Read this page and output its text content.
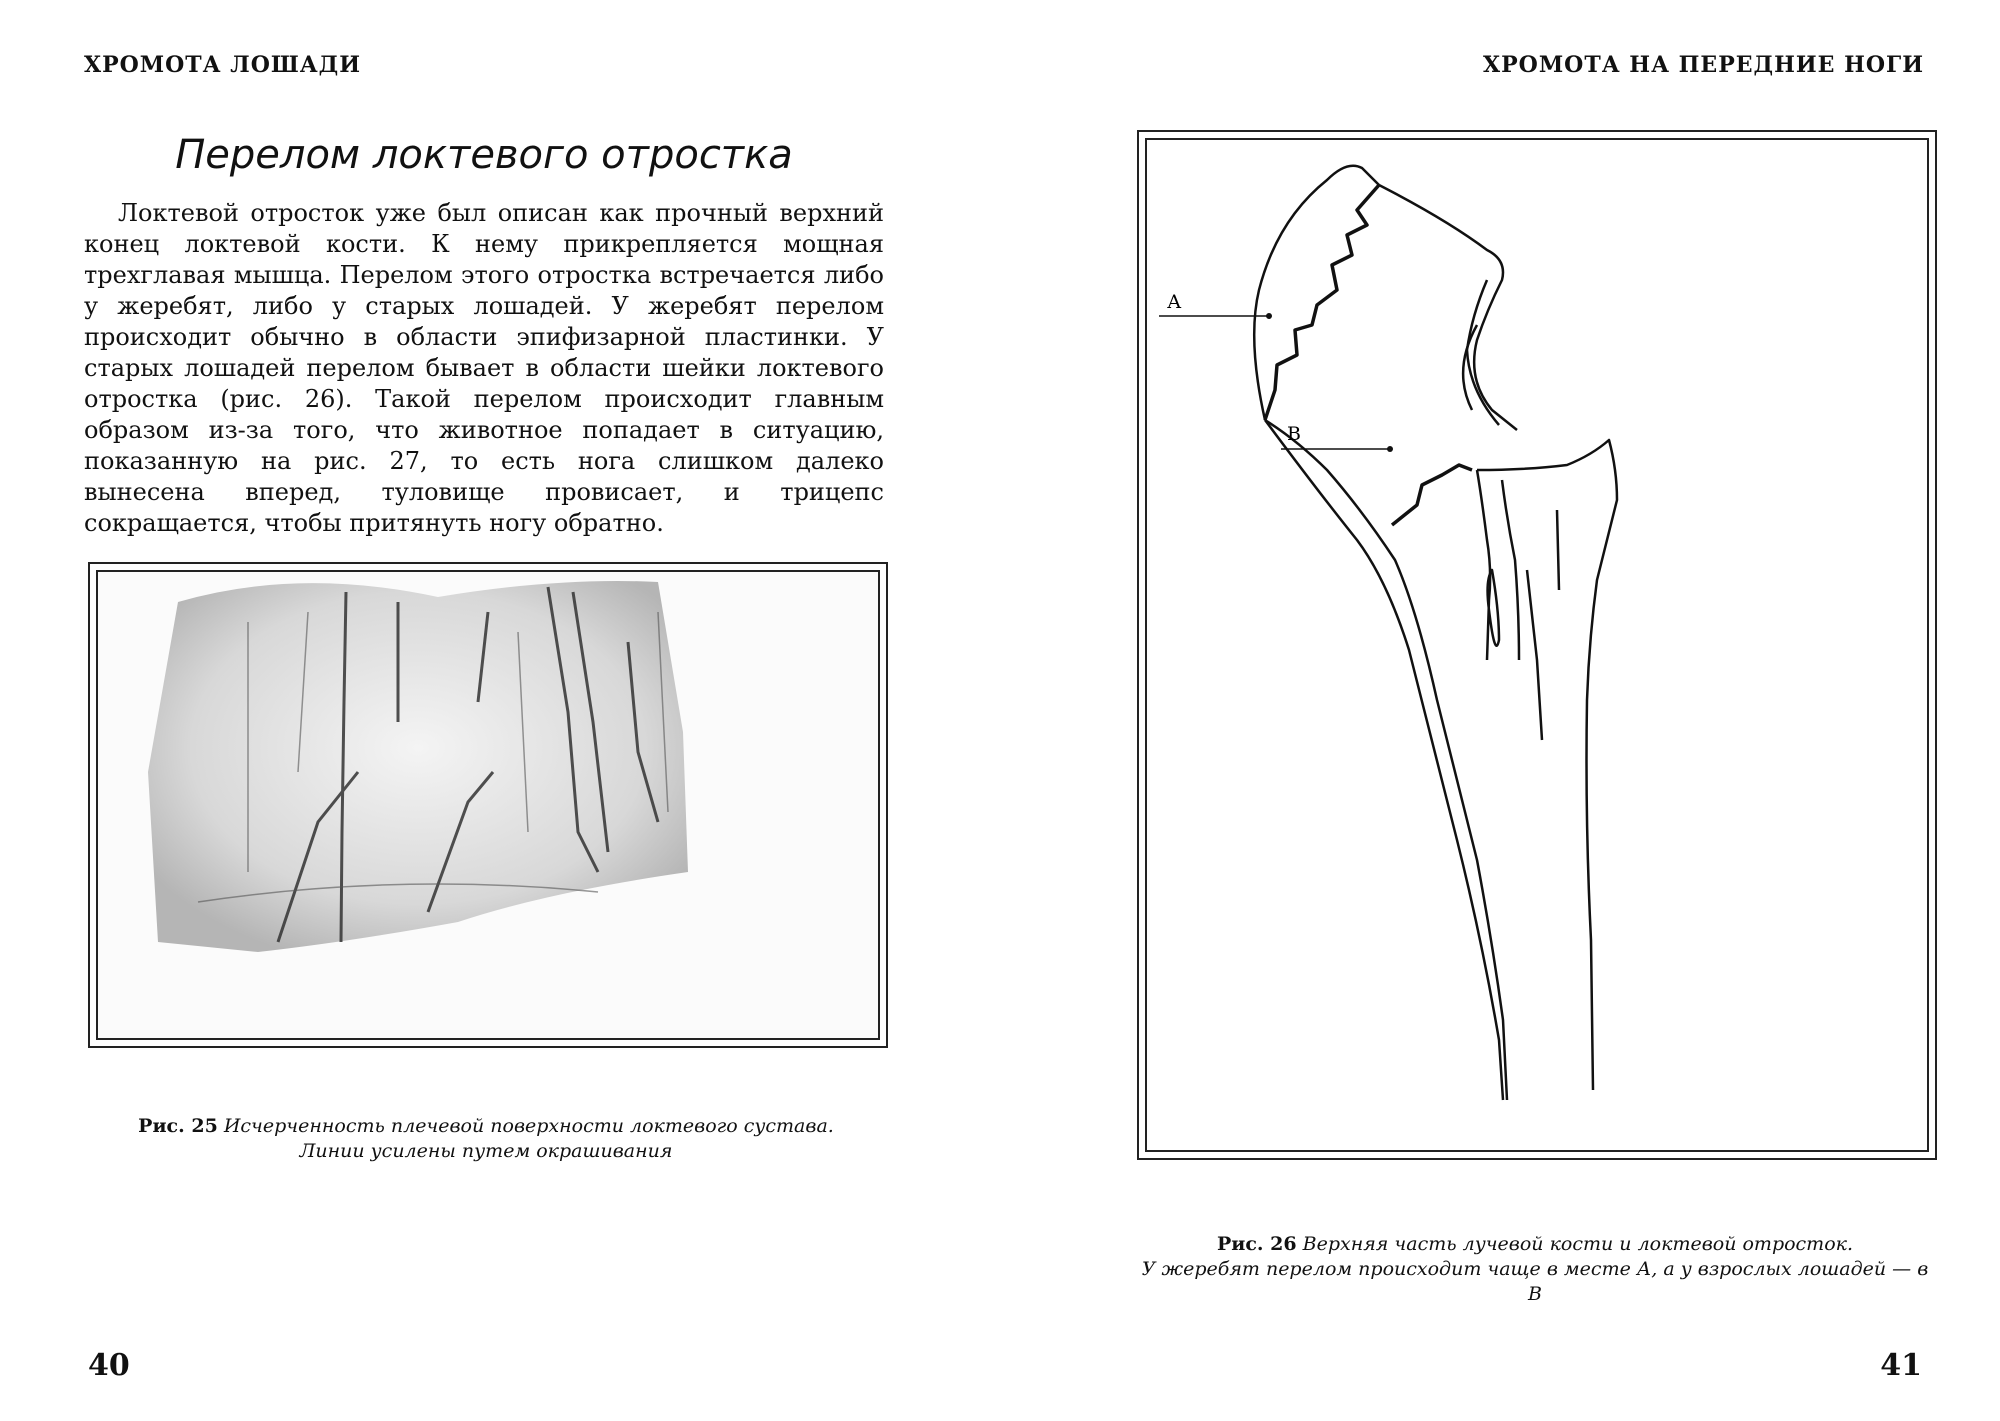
ХРОМОТА ЛОШАДИ	ХРОМОТА НА ПЕРЕДНИЕ НОГИ
Перелом локтевого отростка
Локтевой отросток уже был описан как прочный верхний конец локтевой кости. К нему прикрепляется мощная трехглавая мышца. Перелом этого отростка встречается либо у жеребят, либо у старых лошадей. У жеребят перелом происходит обычно в области эпифизарной пластинки. У старых лошадей перелом бывает в области шейки локтевого отростка (рис. 26). Такой перелом происходит главным образом из-за того, что животное попадает в ситуацию, показанную на рис. 27, то есть нога слишком далеко вынесена вперед, туловище провисает, и трицепс сокращается, чтобы притянуть ногу обратно.
Рис. 25 Исчерченность плечевой поверхности локтевого сустава.
Линии усилены путем окрашивания
А
В
Рис. 26 Верхняя часть лучевой кости и локтевой отросток.
У жеребят перелом происходит чаще в месте А, а у взрослых лошадей — в В
40	41
